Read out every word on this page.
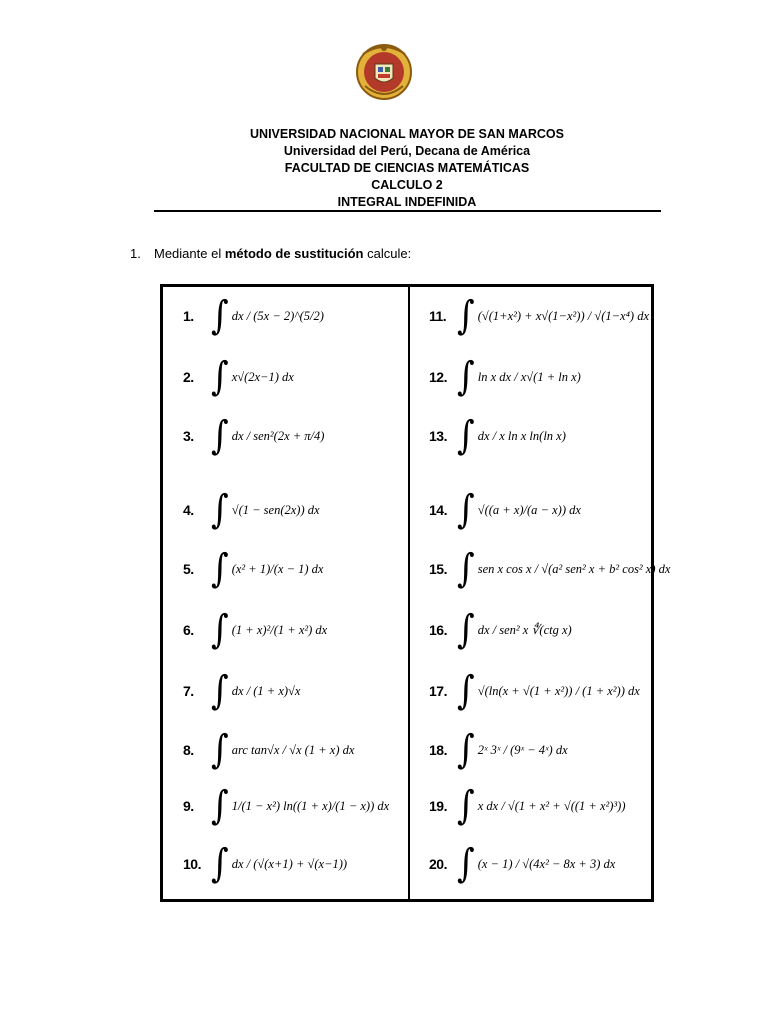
UNIVERSIDAD NACIONAL MAYOR DE SAN MARCOS
Universidad del Perú, Decana de América
FACULTAD DE CIENCIAS MATEMÁTICAS
CALCULO 2
INTEGRAL INDEFINIDA
1. Mediante el método de sustitución calcule:
1. ∫ dx / (5x − 2)^(5/2)
2. ∫ x√(2x−1) dx
3. ∫ dx / sen²(2x + π/4)
4. ∫ √(1 − sen(2x)) dx
5. ∫ (x² + 1)/(x − 1) dx
6. ∫ (1 + x)²/(1 + x²) dx
7. ∫ dx / (1 + x)√x
8. ∫ arc tan√x / √x (1 + x) dx
9. ∫ 1/(1 − x²) ln((1 + x)/(1 − x)) dx
10. ∫ dx / (√(x+1) + √(x−1))
11. ∫ (√(1+x²) + x√(1−x²)) / √(1−x⁴) dx
12. ∫ ln x dx / x√(1 + ln x)
13. ∫ dx / x ln x ln(ln x)
14. ∫ √((a + x)/(a − x)) dx
15. ∫ sen x cos x / √(a² sen² x + b² cos² x) dx
16. ∫ dx / sen² x ∜(ctg x)
17. ∫ √(ln(x + √(1 + x²)) / (1 + x²)) dx
18. ∫ 2ˣ 3ˣ / (9ˣ − 4ˣ) dx
19. ∫ x dx / √(1 + x² + √((1 + x²)³))
20. ∫ (x − 1) / √(4x² − 8x + 3) dx
